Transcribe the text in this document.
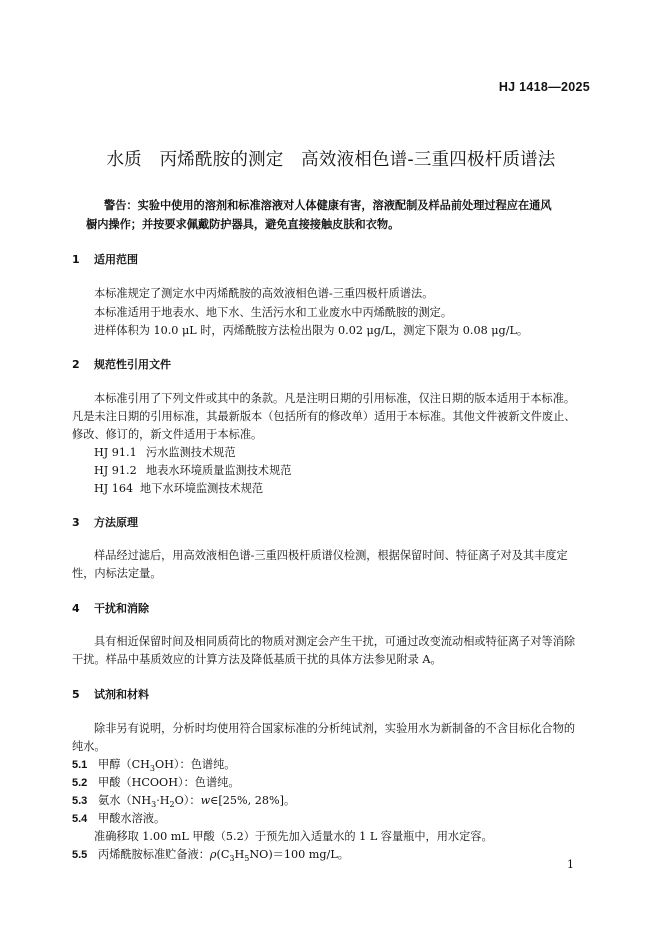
HJ 1418—2025
水质　丙烯酰胺的测定　高效液相色谱-三重四极杆质谱法
警告：实验中使用的溶剂和标准溶液对人体健康有害，溶液配制及样品前处理过程应在通风
橱内操作；并按要求佩戴防护器具，避免直接接触皮肤和衣物。
1 适用范围
本标准规定了测定水中丙烯酰胺的高效液相色谱-三重四极杆质谱法。
本标准适用于地表水、地下水、生活污水和工业废水中丙烯酰胺的测定。
进样体积为 10.0 μL 时，丙烯酰胺方法检出限为 0.02 μg/L，测定下限为 0.08 μg/L。
2 规范性引用文件
本标准引用了下列文件或其中的条款。凡是注明日期的引用标准，仅注日期的版本适用于本标准。
凡是未注日期的引用标准，其最新版本（包括所有的修改单）适用于本标准。其他文件被新文件废止、
修改、修订的，新文件适用于本标准。
HJ 91.1 污水监测技术规范
HJ 91.2 地表水环境质量监测技术规范
HJ 164 地下水环境监测技术规范
3 方法原理
样品经过滤后，用高效液相色谱-三重四极杆质谱仪检测，根据保留时间、特征离子对及其丰度定
性，内标法定量。
4 干扰和消除
具有相近保留时间及相同质荷比的物质对测定会产生干扰，可通过改变流动相或特征离子对等消除
干扰。样品中基质效应的计算方法及降低基质干扰的具体方法参见附录 A。
5 试剂和材料
除非另有说明，分析时均使用符合国家标准的分析纯试剂，实验用水为新制备的不含目标化合物的
纯水。
5.1 甲醇$(CH_3OH)$：色谱纯。
5.2 甲酸（HCOOH）：色谱纯。
5.3 氨水$(NH_3\cdot H_2O)$：w∈[25%, 28%]。
5.4 甲酸水溶液。
准确移取 1.00 mL 甲酸（5.2）于预先加入适量水的 1 L 容量瓶中，用水定容。
5.5 丙烯酰胺标准贮备液：$\rho(C_3H_5NO)=100$ mg/L。
1
